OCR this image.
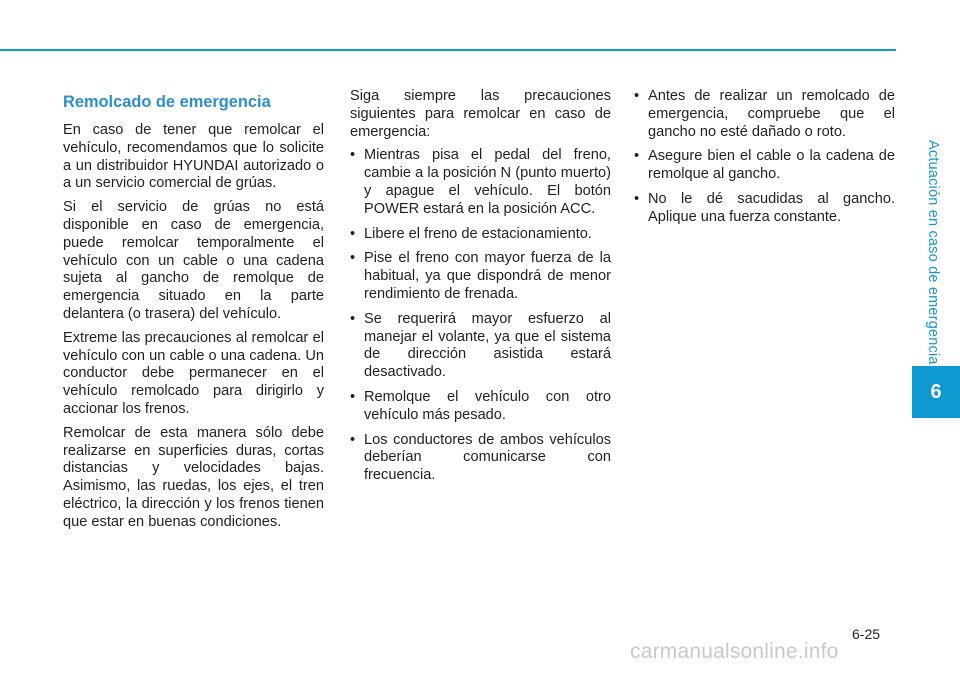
Actuación en caso de emergencia
6
Remolcado de emergencia

En caso de tener que remolcar el vehículo, recomendamos que lo solicite a un distribuidor HYUNDAI autorizado o a un servicio comercial de grúas.

Si el servicio de grúas no está disponible en caso de emergencia, puede remolcar temporalmente el vehículo con un cable o una cadena sujeta al gancho de remolque de emergencia situado en la parte delantera (o trasera) del vehículo.

Extreme las precauciones al remolcar el vehículo con un cable o una cadena. Un conductor debe permanecer en el vehículo remolcado para dirigirlo y accionar los frenos.

Remolcar de esta manera sólo debe realizarse en superficies duras, cortas distancias y velocidades bajas. Asimismo, las ruedas, los ejes, el tren eléctrico, la dirección y los frenos tienen que estar en buenas condiciones.

Siga siempre las precauciones siguientes para remolcar en caso de emergencia:

• Mientras pisa el pedal del freno, cambie a la posición N (punto muerto) y apague el vehículo. El botón POWER estará en la posición ACC.
• Libere el freno de estacionamiento.
• Pise el freno con mayor fuerza de la habitual, ya que dispondrá de menor rendimiento de frenada.
• Se requerirá mayor esfuerzo al manejar el volante, ya que el sistema de dirección asistida estará desactivado.
• Remolque el vehículo con otro vehículo más pesado.
• Los conductores de ambos vehículos deberían comunicarse con frecuencia.
• Antes de realizar un remolcado de emergencia, compruebe que el gancho no esté dañado o roto.
• Asegure bien el cable o la cadena de remolque al gancho.
• No le dé sacudidas al gancho. Aplique una fuerza constante.
6-25
carmanualsonline.info
